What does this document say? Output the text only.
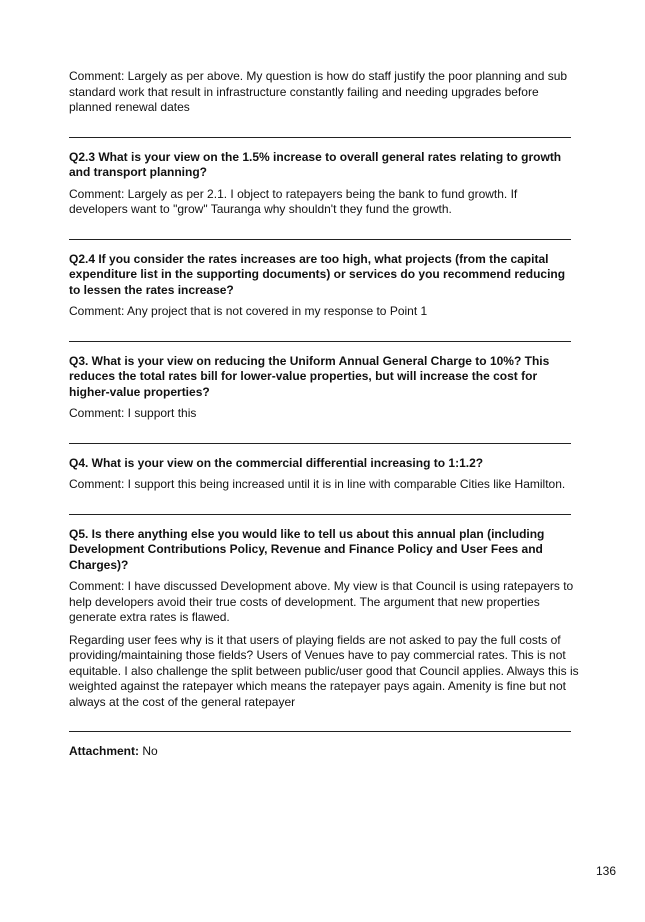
Comment: Largely as per above. My question is how do staff justify the poor planning and sub standard work that result in infrastructure constantly failing and needing upgrades before planned renewal dates

Q2.3 What is your view on the 1.5% increase to overall general rates relating to growth and transport planning?

Comment: Largely as per 2.1. I object to ratepayers being the bank to fund growth. If developers want to "grow" Tauranga why shouldn't they fund the growth.

Q2.4 If you consider the rates increases are too high, what projects (from the capital expenditure list in the supporting documents) or services do you recommend reducing to lessen the rates increase?

Comment: Any project that is not covered in my response to Point 1

Q3. What is your view on reducing the Uniform Annual General Charge to 10%? This reduces the total rates bill for lower-value properties, but will increase the cost for higher-value properties?

Comment: I support this

Q4. What is your view on the commercial differential increasing to 1:1.2?

Comment: I support this being increased until it is in line with comparable Cities like Hamilton.

Q5. Is there anything else you would like to tell us about this annual plan (including Development Contributions Policy, Revenue and Finance Policy and User Fees and Charges)?

Comment: I have discussed Development above. My view is that Council is using ratepayers to help developers avoid their true costs of development. The argument that new properties generate extra rates is flawed.

Regarding user fees why is it that users of playing fields are not asked to pay the full costs of providing/maintaining those fields? Users of Venues have to pay commercial rates. This is not equitable. I also challenge the split between public/user good that Council applies. Always this is weighted against the ratepayer which means the ratepayer pays again. Amenity is fine but not always at the cost of the general ratepayer

Attachment: No

136
